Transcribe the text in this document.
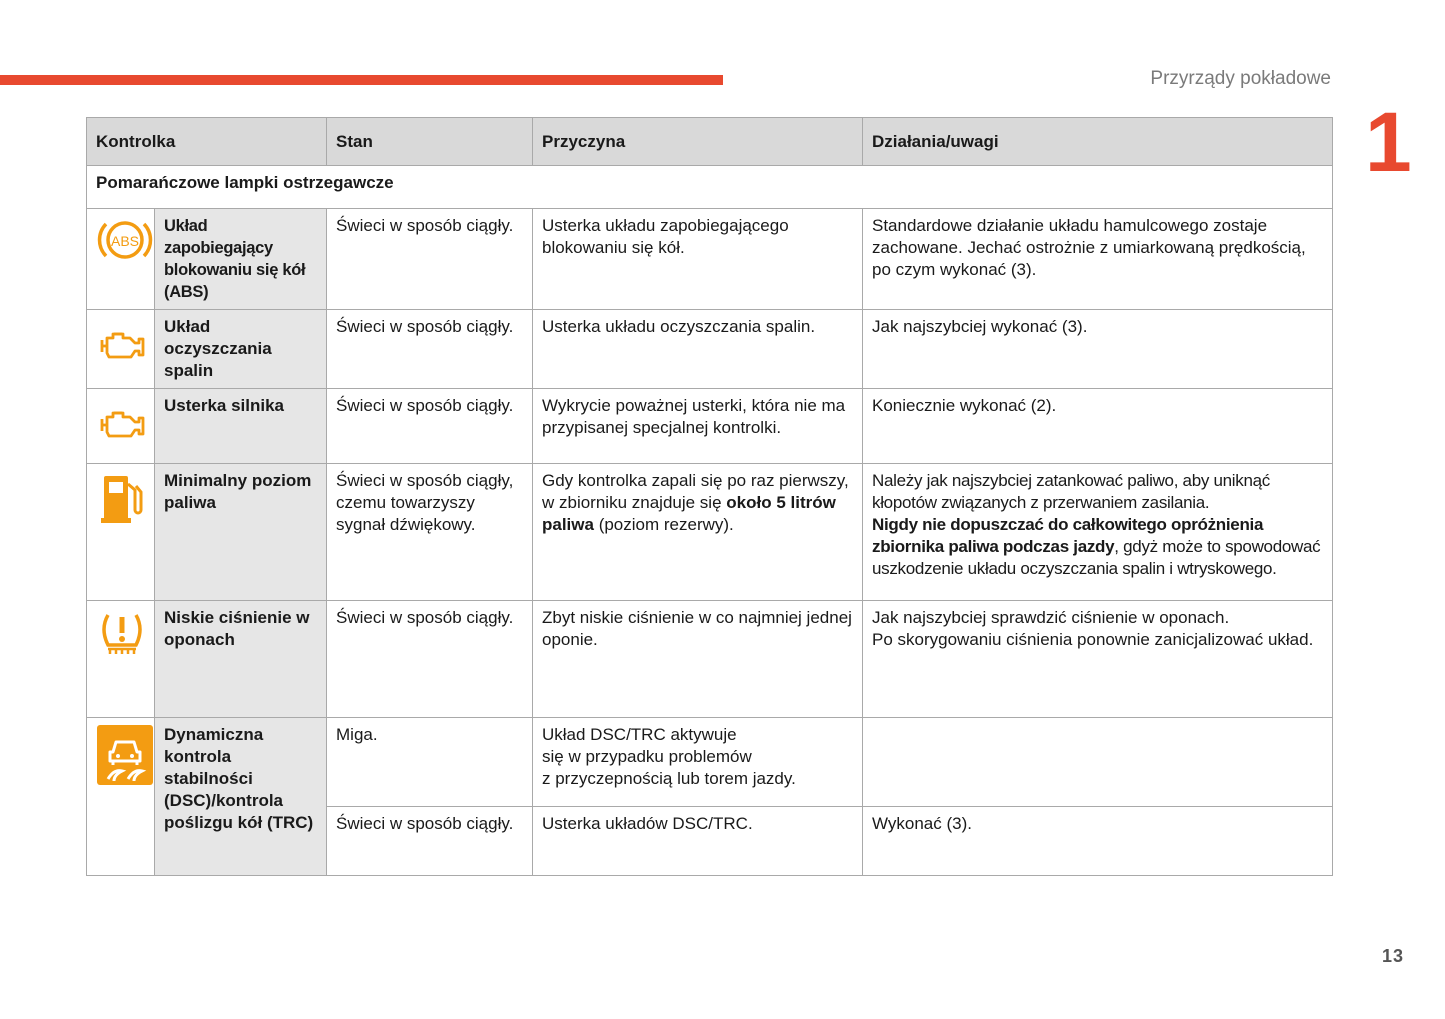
Przyrządy pokładowe
1
Kontrolka		Stan	Przyczyna	Działania/uwagi
Pomarańczowe lampki ostrzegawcze				

ABS	Układ zapobiegający blokowaniu się kół (ABS)	Świeci w sposób ciągły.	Usterka układu zapobiegającego blokowaniu się kół.	Standardowe działanie układu hamulcowego zostaje zachowane. Jechać ostrożnie z umiarkowaną prędkością, po czym wykonać (3).
	Układ oczyszczania spalin	Świeci w sposób ciągły.	Usterka układu oczyszczania spalin.	Jak najszybciej wykonać (3).
	Usterka silnika	Świeci w sposób ciągły.	Wykrycie poważnej usterki, która nie ma przypisanej specjalnej kontrolki.	Koniecznie wykonać (2).
	Minimalny poziom paliwa	Świeci w sposób ciągły, czemu towarzyszy sygnał dźwiękowy.	Gdy kontrolka zapali się po raz pierwszy, w zbiorniku znajduje się około 5 litrów paliwa (poziom rezerwy).	Należy jak najszybciej zatankować paliwo, aby uniknąć kłopotów związanych z przerwaniem zasilania.
Nigdy nie dopuszczać do całkowitego opróżnienia zbiornika paliwa podczas jazdy, gdyż może to spowodować uszkodzenie układu oczyszczania spalin i wtryskowego.
	Niskie ciśnienie w oponach	Świeci w sposób ciągły.	Zbyt niskie ciśnienie w co najmniej jednej oponie.	Jak najszybciej sprawdzić ciśnienie w oponach.
Po skorygowaniu ciśnienia ponownie zanicjalizować układ.
	Dynamiczna kontrola stabilności (DSC)/kontrola poślizgu kół (TRC)	Miga.	Układ DSC/TRC aktywuje
się w przypadku problemów
z przyczepnością lub torem jazdy.	
		Świeci w sposób ciągły.	Usterka układów DSC/TRC.	Wykonać (3).
13
